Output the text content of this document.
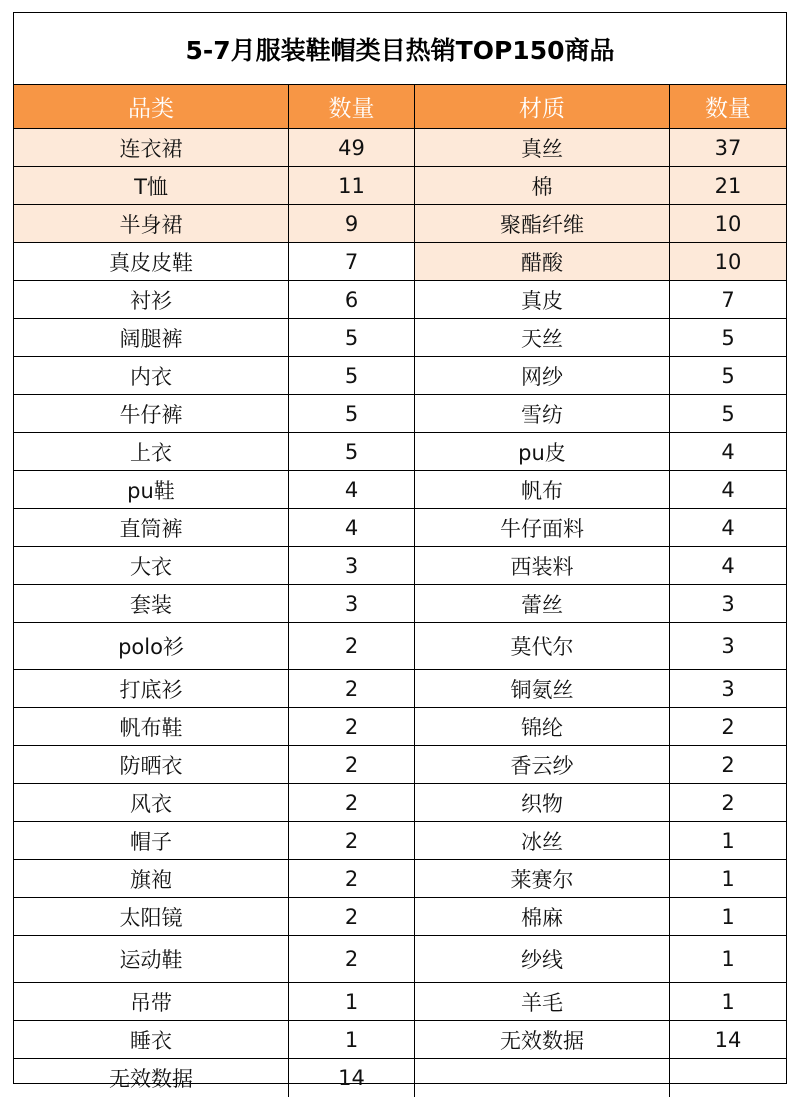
5-7月服装鞋帽类目热销TOP150商品
品类	数量	材质	数量
连衣裙	49	真丝	37
T恤	11	棉	21
半身裙	9	聚酯纤维	10
真皮皮鞋	7	醋酸	10
衬衫	6	真皮	7
阔腿裤	5	天丝	5
内衣	5	网纱	5
牛仔裤	5	雪纺	5
上衣	5	pu皮	4
pu鞋	4	帆布	4
直筒裤	4	牛仔面料	4
大衣	3	西装料	4
套装	3	蕾丝	3
polo衫	2	莫代尔	3
打底衫	2	铜氨丝	3
帆布鞋	2	锦纶	2
防晒衣	2	香云纱	2
风衣	2	织物	2
帽子	2	冰丝	1
旗袍	2	莱赛尔	1
太阳镜	2	棉麻	1
运动鞋	2	纱线	1
吊带	1	羊毛	1
睡衣	1	无效数据	14
无效数据	14
